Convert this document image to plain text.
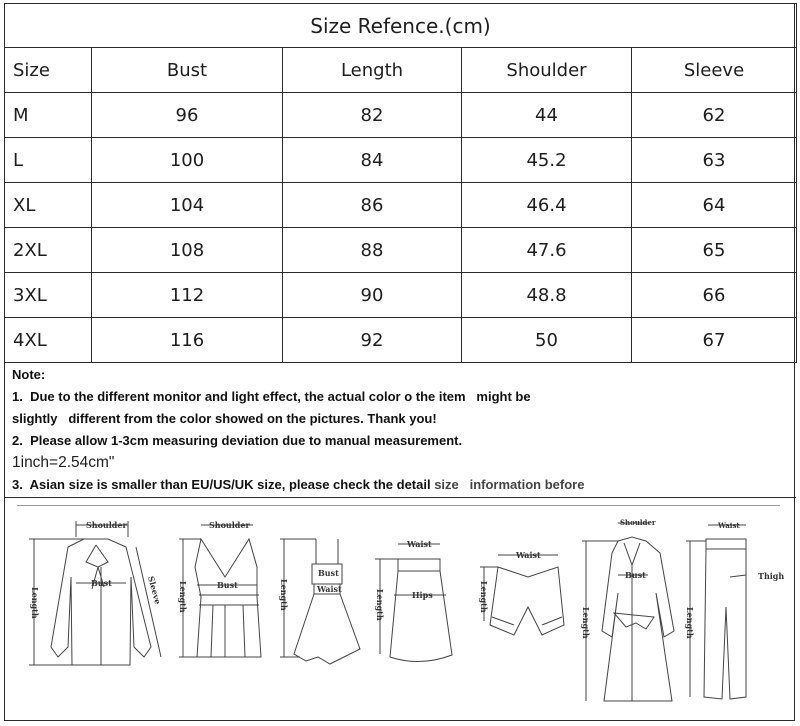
Size Refence.(cm)				
Size	Bust	Length	Shoulder	Sleeve
M	96	82	44	62
L	100	84	45.2	63
XL	104	86	46.4	64
2XL	108	88	47.6	65
3XL	112	90	48.8	66
4XL	116	92	50	67
Note:
1.  Due to the different monitor and light effect, the actual color o the item   might be
slightly   different from the color showed on the pictures. Thank you!
2.  Please allow 1-3cm measuring deviation due to manual measurement.
1inch=2.54cm"
3.  Asian size is smaller than EU/US/UK size, please check the detail size   information before
Shoulder
Bust
Length	Sleeve
Shoulder
Bust
Length
Bust
Waist
Length
Waist
Hips
Length
Waist
Length
Shoulder
Bust
Length
Waist
Thigh
Length
